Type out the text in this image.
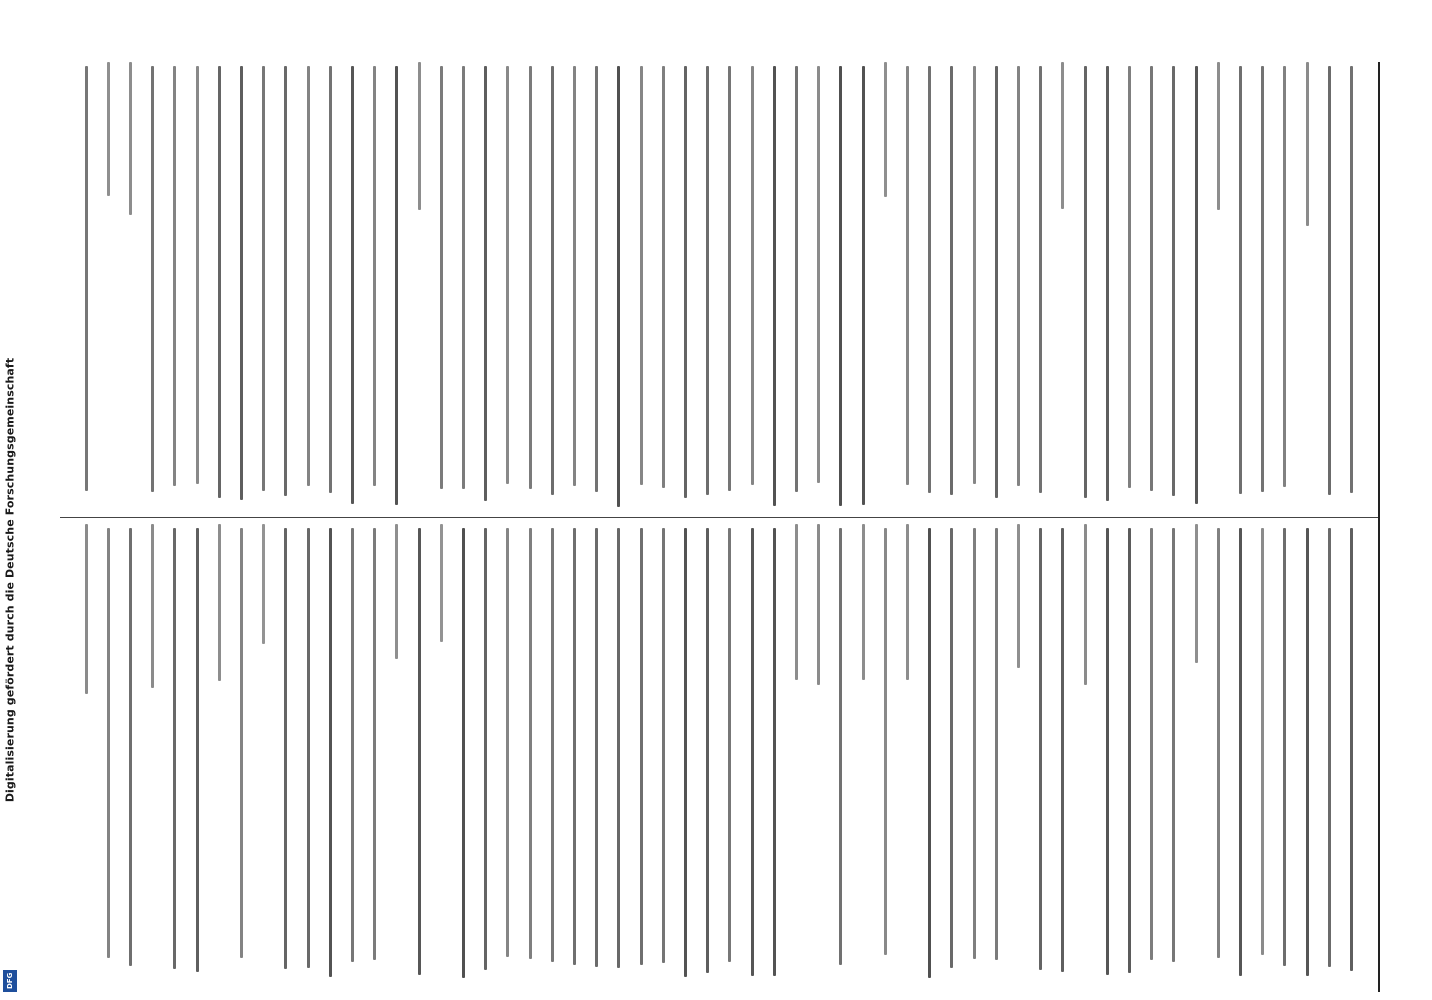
Digitalisierung gefördert durch die Deutsche Forschungsgemeinschaft
DFG
